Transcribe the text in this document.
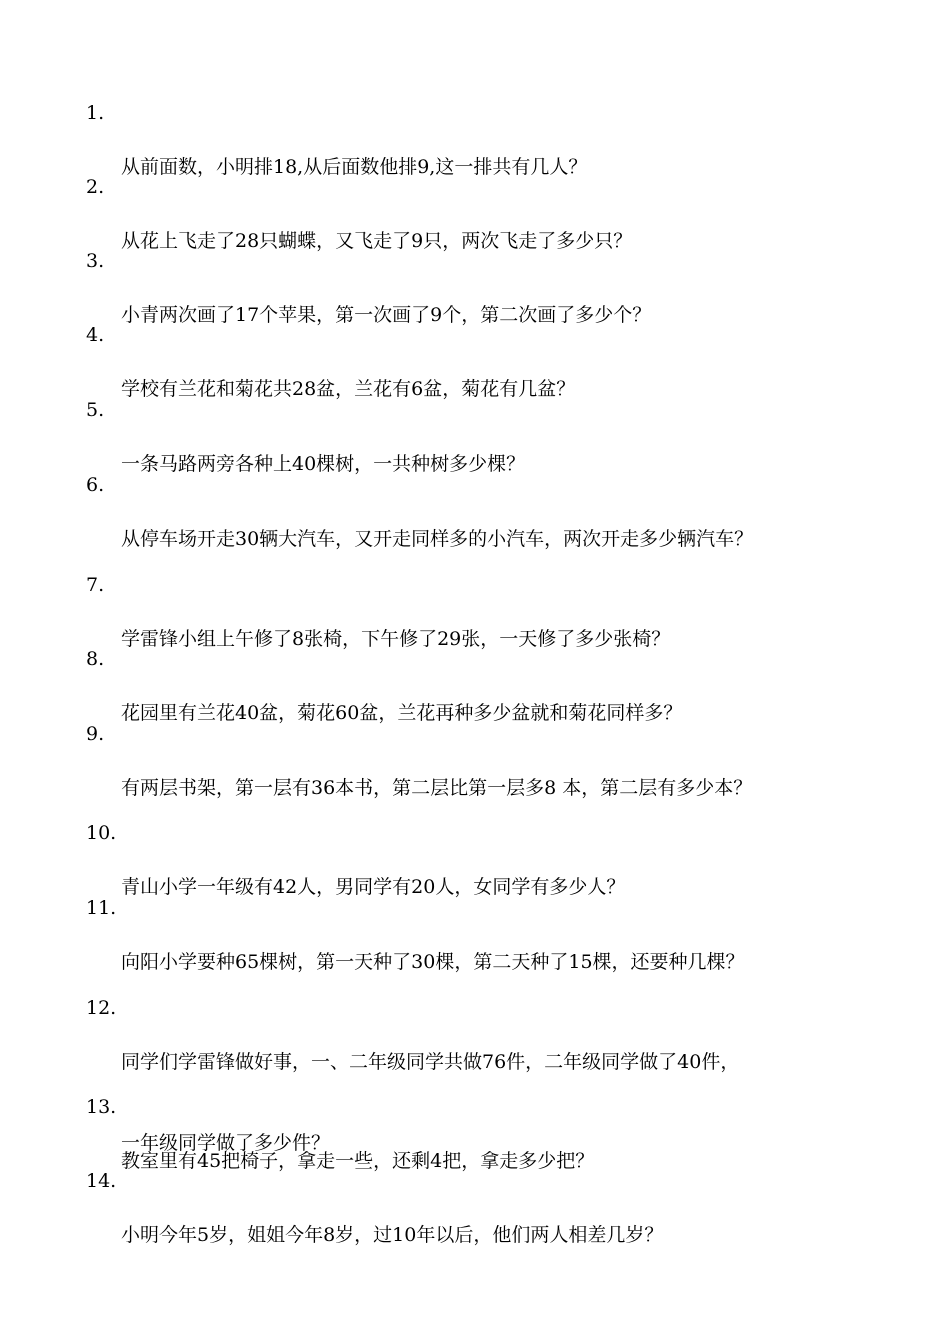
1.

从前面数，小明排18,从后面数他排9,这一排共有几人？

2.

从花上飞走了28只蝴蝶，又飞走了9只，两次飞走了多少只？

3.

小青两次画了17个苹果，第一次画了9个，第二次画了多少个？

4.

学校有兰花和菊花共28盆，兰花有6盆，菊花有几盆？

5.

一条马路两旁各种上40棵树，一共种树多少棵？

6.

从停车场开走30辆大汽车，又开走同样多的小汽车，两次开走多少辆汽车？

7.

学雷锋小组上午修了8张椅，下午修了29张，一天修了多少张椅？

8.

花园里有兰花40盆，菊花60盆，兰花再种多少盆就和菊花同样多？

9.

有两层书架，第一层有36本书，第二层比第一层多8 本，第二层有多少本？

10.

青山小学一年级有42人，男同学有20人，女同学有多少人？

11.

向阳小学要种65棵树，第一天种了30棵，第二天种了15棵，还要种几棵？

12.

同学们学雷锋做好事，一、二年级同学共做76件，二年级同学做了40件，

一年级同学做了多少件？

13.

教室里有45把椅子，拿走一些，还剩4把，拿走多少把？

14.

小明今年5岁，姐姐今年8岁，过10年以后，他们两人相差几岁？
